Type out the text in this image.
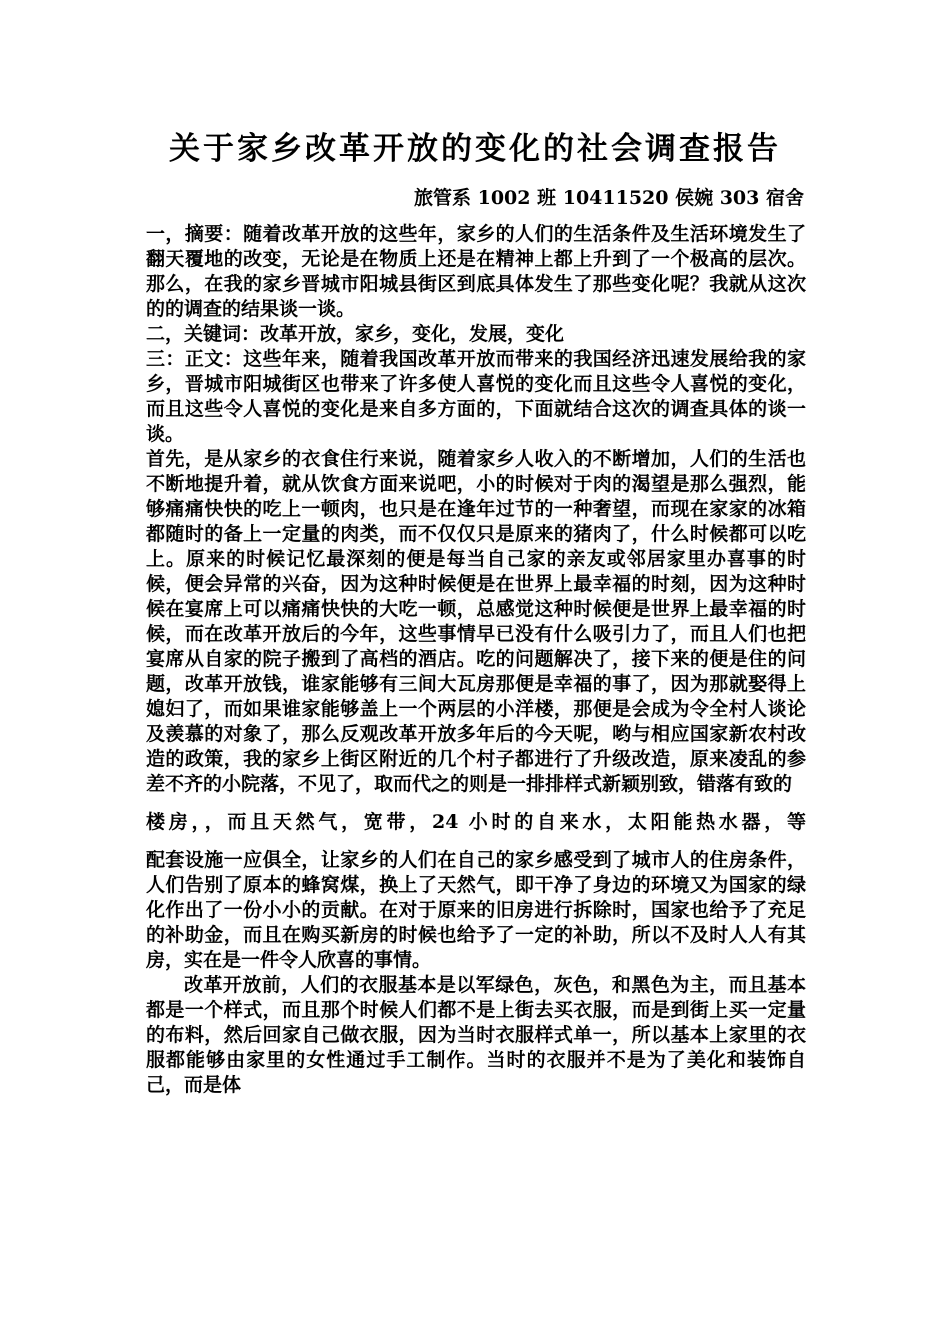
关于家乡改革开放的变化的社会调查报告
旅管系 1002 班 10411520 侯婉 303 宿舍

一，摘要：随着改革开放的这些年，家乡的人们的生活条件及生活环境发生了翻天覆地的改变，无论是在物质上还是在精神上都上升到了一个极高的层次。那么，在我的家乡晋城市阳城县街区到底具体发生了那些变化呢？我就从这次的的调查的结果谈一谈。

二，关键词：改革开放，家乡，变化，发展，变化

三：正文：这些年来，随着我国改革开放而带来的我国经济迅速发展给我的家乡，晋城市阳城街区也带来了许多使人喜悦的变化而且这些令人喜悦的变化，而且这些令人喜悦的变化是来自多方面的，下面就结合这次的调查具体的谈一谈。

首先，是从家乡的衣食住行来说，随着家乡人收入的不断增加，人们的生活也不断地提升着，就从饮食方面来说吧，小的时候对于肉的渴望是那么强烈，能够痛痛快快的吃上一顿肉，也只是在逢年过节的一种奢望，而现在家家的冰箱都随时的备上一定量的肉类，而不仅仅只是原来的猪肉了，什么时候都可以吃上。原来的时候记忆最深刻的便是每当自己家的亲友或邻居家里办喜事的时候，便会异常的兴奋，因为这种时候便是在世界上最幸福的时刻，因为这种时候在宴席上可以痛痛快快的大吃一顿，总感觉这种时候便是世界上最幸福的时候，而在改革开放后的今年，这些事情早已没有什么吸引力了，而且人们也把宴席从自家的院子搬到了高档的酒店。吃的问题解决了，接下来的便是住的问题，改革开放钱，谁家能够有三间大瓦房那便是幸福的事了，因为那就娶得上媳妇了，而如果谁家能够盖上一个两层的小洋楼，那便是会成为令全村人谈论及羡慕的对象了，那么反观改革开放多年后的今天呢，哟与相应国家新农村改造的政策，我的家乡上街区附近的几个村子都进行了升级改造，原来凌乱的参差不齐的小院落，不见了，取而代之的则是一排排样式新颖别致，错落有致的

楼房，，而且天然气，宽带，24 小时的自来水，太阳能热水器，等

配套设施一应俱全，让家乡的人们在自己的家乡感受到了城市人的住房条件，人们告别了原本的蜂窝煤，换上了天然气，即干净了身边的环境又为国家的绿化作出了一份小小的贡献。在对于原来的旧房进行拆除时，国家也给予了充足的补助金，而且在购买新房的时候也给予了一定的补助，所以不及时人人有其房，实在是一件令人欣喜的事情。

改革开放前，人们的衣服基本是以军绿色，灰色，和黑色为主，而且基本都是一个样式，而且那个时候人们都不是上街去买衣服，而是到街上买一定量的布料，然后回家自己做衣服，因为当时衣服样式单一，所以基本上家里的衣服都能够由家里的女性通过手工制作。当时的衣服并不是为了美化和装饰自己，而是体
